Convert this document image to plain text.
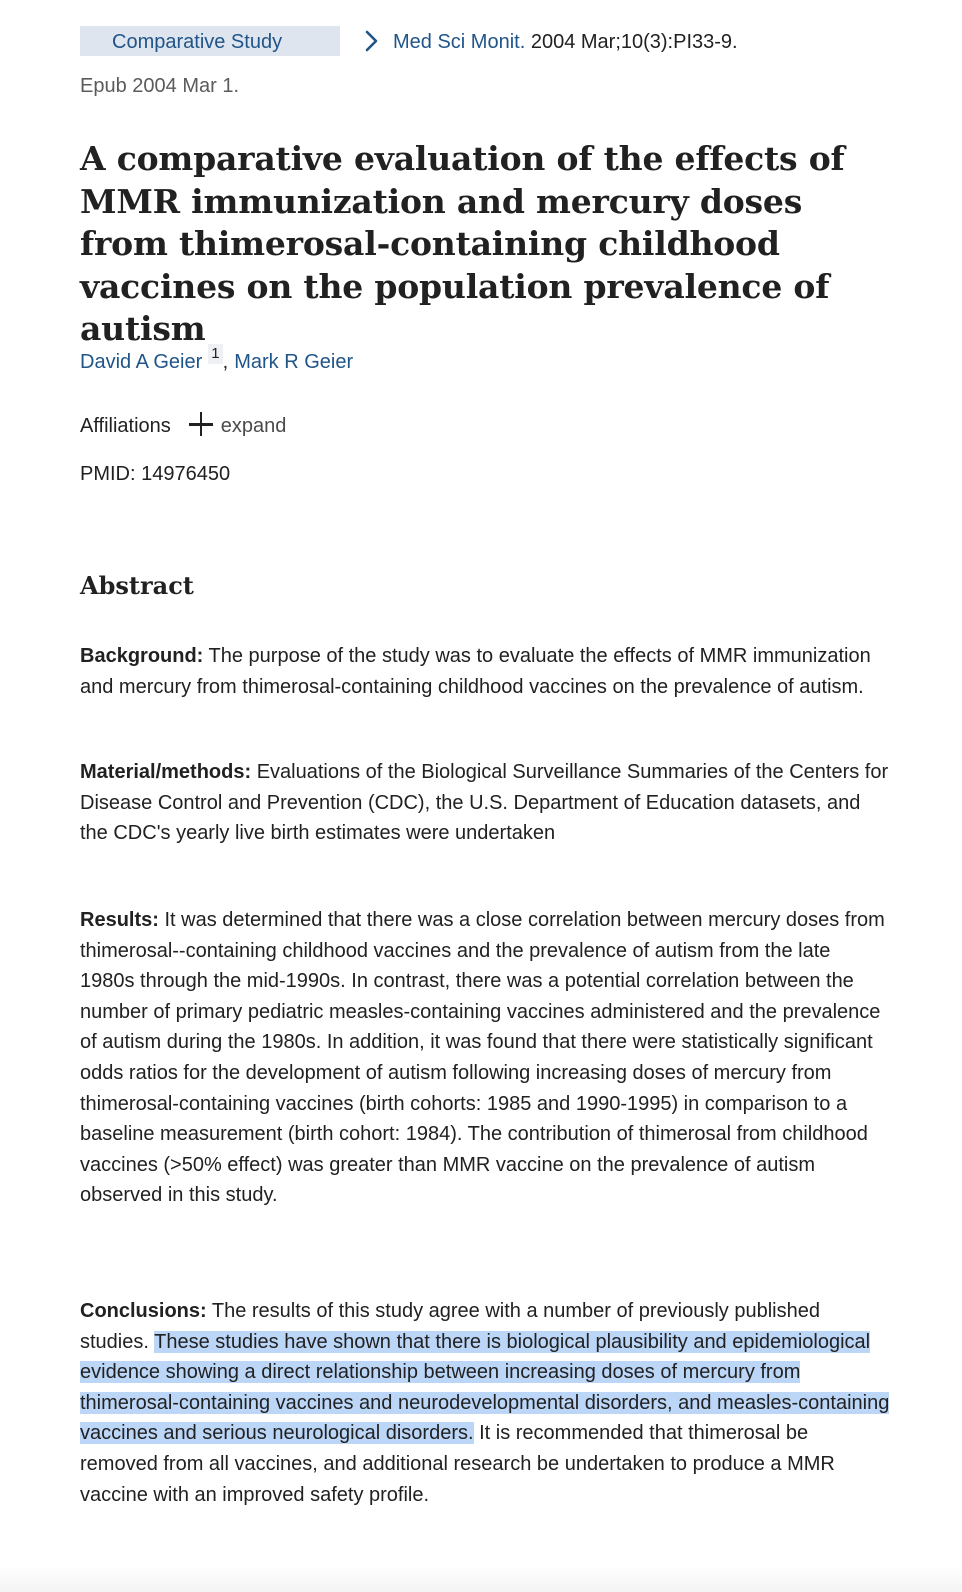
Comparative Study	Med Sci Monit. 2004 Mar;10(3):PI33-9.
Epub 2004 Mar 1.
A comparative evaluation of the effects of MMR immunization and mercury doses from thimerosal-containing childhood vaccines on the population prevalence of autism
David A Geier 1 , Mark R Geier
Affiliations	expand
PMID: 14976450
Abstract

Background: The purpose of the study was to evaluate the effects of MMR immunization and mercury from thimerosal-containing childhood vaccines on the prevalence of autism.

Material/methods: Evaluations of the Biological Surveillance Summaries of the Centers for Disease Control and Prevention (CDC), the U.S. Department of Education datasets, and the CDC's yearly live birth estimates were undertaken

Results: It was determined that there was a close correlation between mercury doses from thimerosal--containing childhood vaccines and the prevalence of autism from the late 1980s through the mid-1990s. In contrast, there was a potential correlation between the number of primary pediatric measles-containing vaccines administered and the prevalence of autism during the 1980s. In addition, it was found that there were statistically significant odds ratios for the development of autism following increasing doses of mercury from thimerosal-containing vaccines (birth cohorts: 1985 and 1990-1995) in comparison to a baseline measurement (birth cohort: 1984). The contribution of thimerosal from childhood vaccines (>50% effect) was greater than MMR vaccine on the prevalence of autism observed in this study.

Conclusions: The results of this study agree with a number of previously published studies. These studies have shown that there is biological plausibility and epidemiological evidence showing a direct relationship between increasing doses of mercury from thimerosal-containing vaccines and neurodevelopmental disorders, and measles-containing vaccines and serious neurological disorders. It is recommended that thimerosal be removed from all vaccines, and additional research be undertaken to produce a MMR vaccine with an improved safety profile.
